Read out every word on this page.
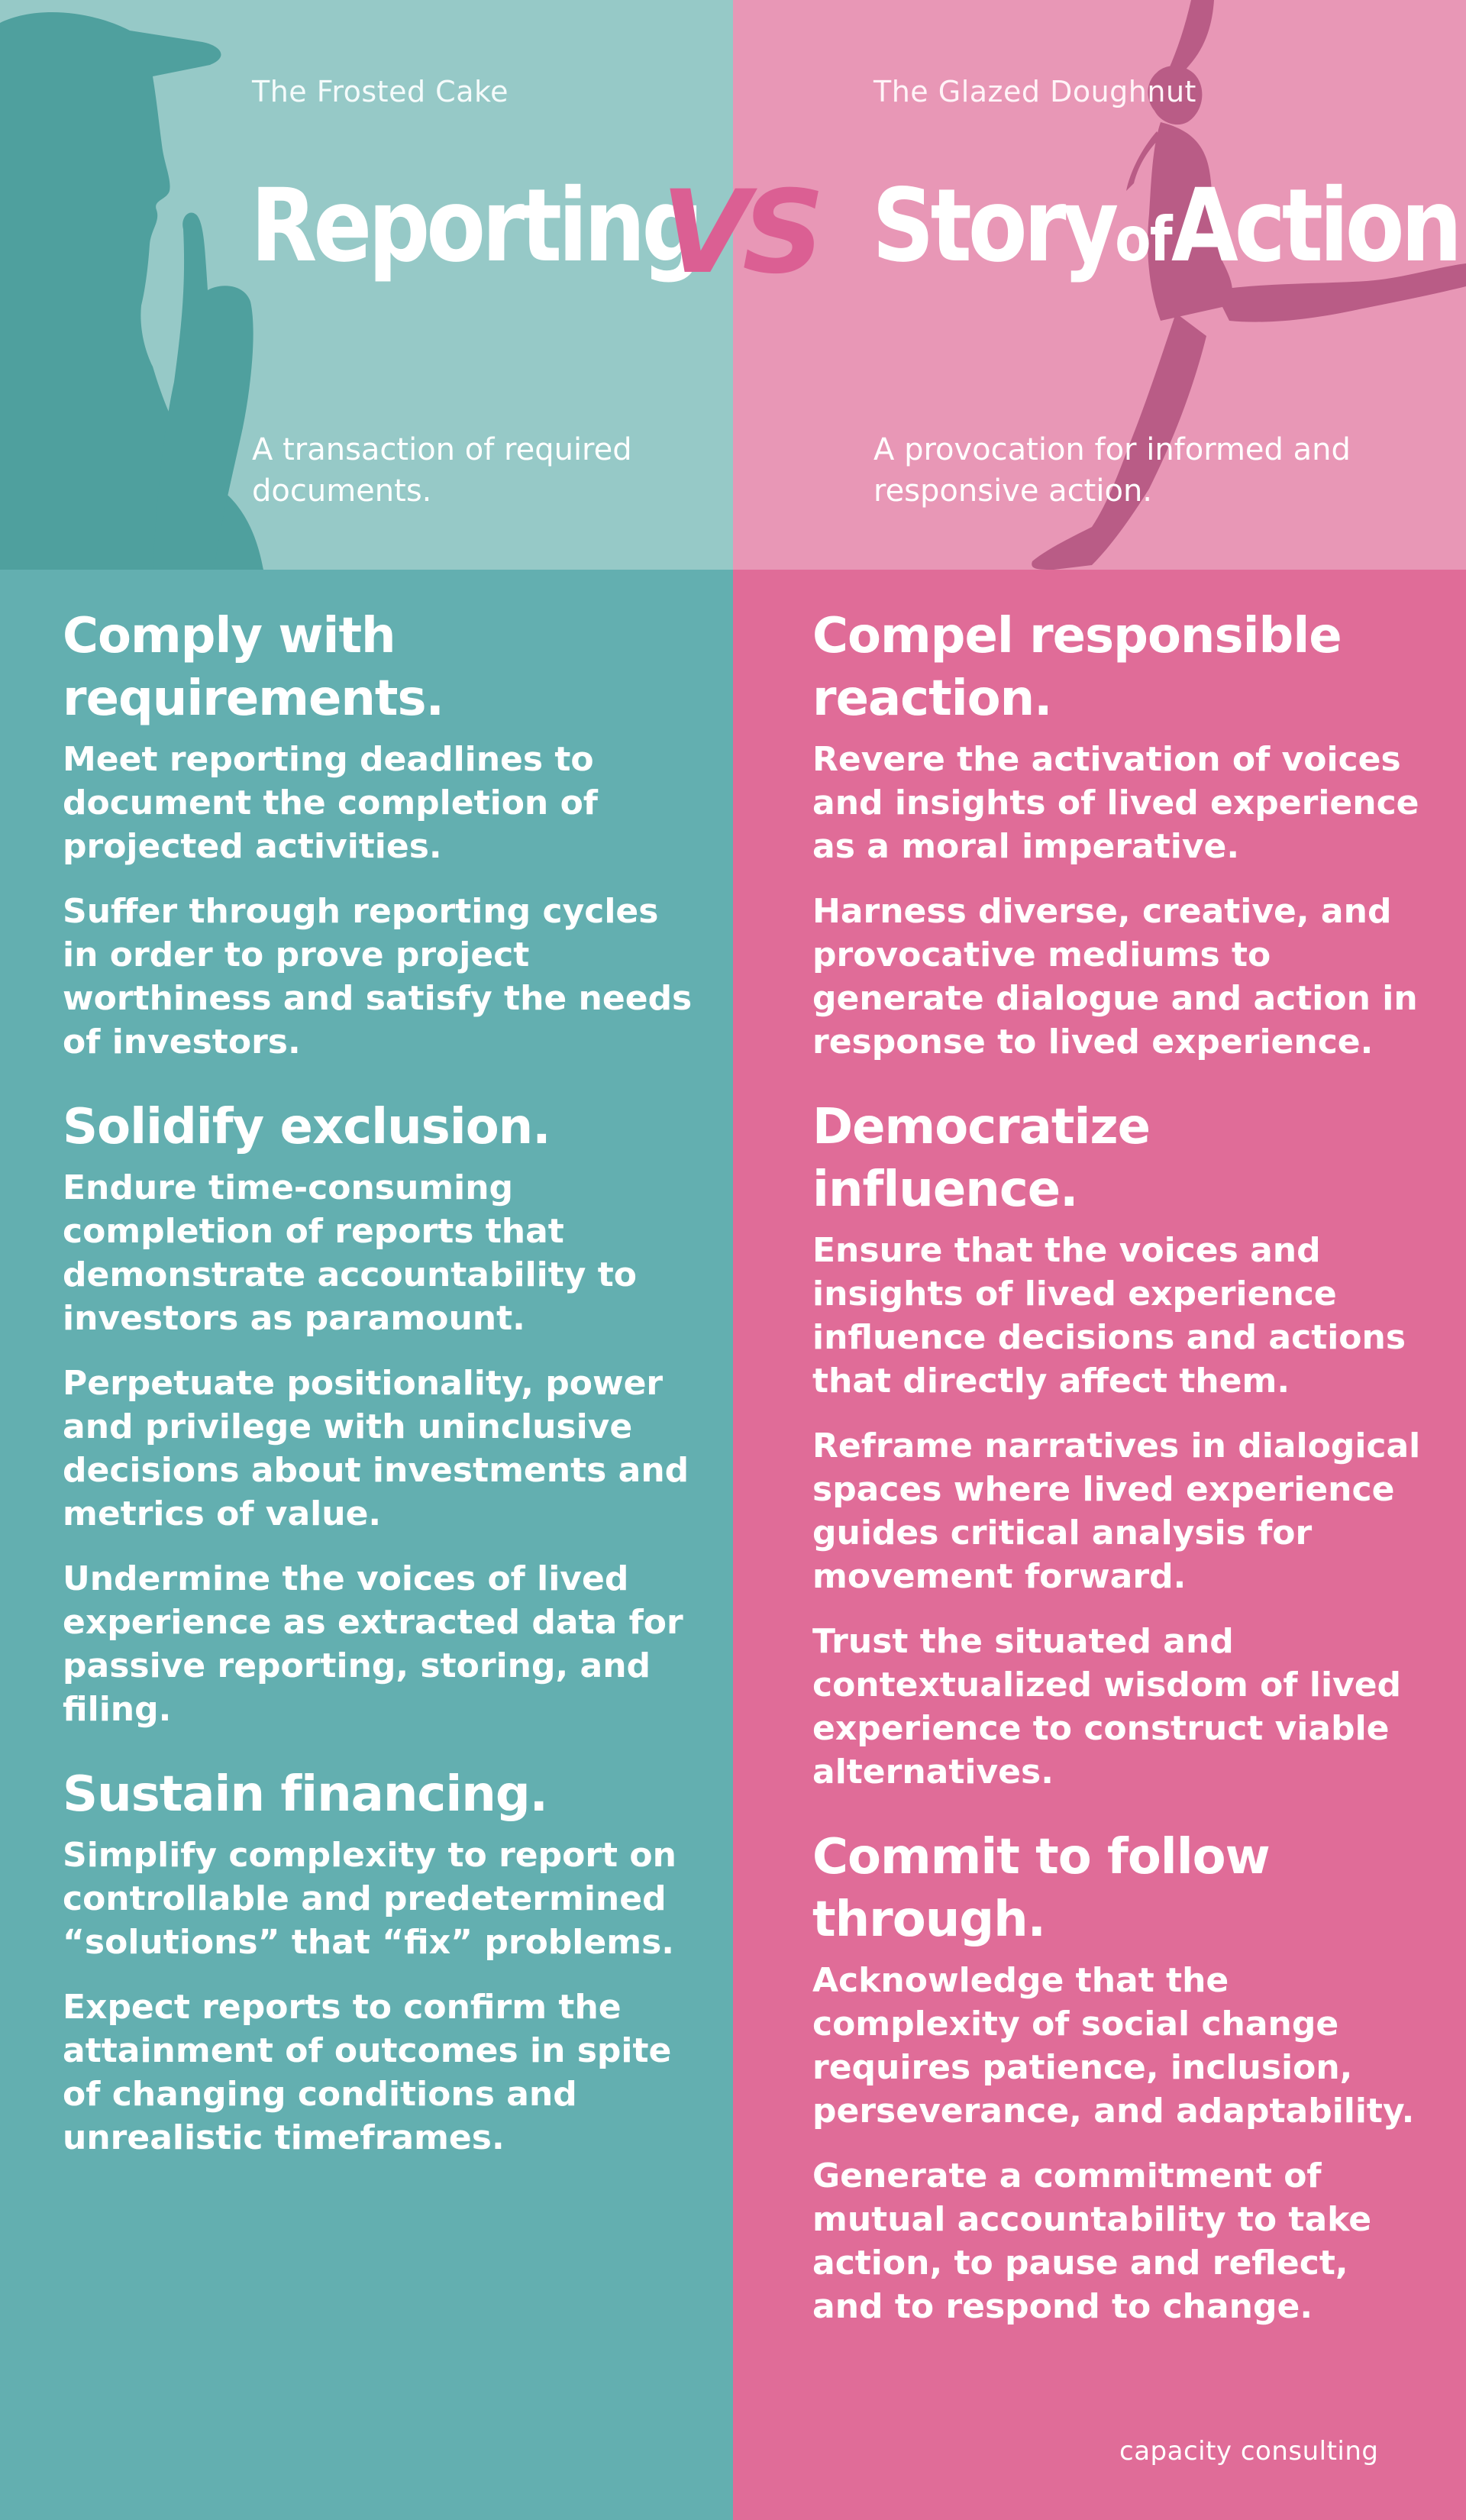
The Frosted Cake
Reporting
A transaction of required documents.
Comply with requirements.

Meet reporting deadlines to document the completion of projected activities.

Suffer through reporting cycles in order to prove project worthiness and satisfy the needs of investors.

Solidify exclusion.

Endure time-consuming completion of reports that demonstrate accountability to investors as paramount.

Perpetuate positionality, power and privilege with uninclusive decisions about investments and metrics of value.

Undermine the voices of lived experience as extracted data for passive reporting, storing, and filing.

Sustain financing.

Simplify complexity to report on controllable and predetermined “solutions” that “fix” problems.

Expect reports to confirm the attainment of outcomes in spite of changing conditions and unrealistic timeframes.

The Glazed Doughnut
StoryofAction
A provocation for informed and responsive action.
Compel responsible reaction.

Revere the activation of voices and insights of lived experience as a moral imperative.

Harness diverse, creative, and provocative mediums to generate dialogue and action in response to lived experience.

Democratize influence.

Ensure that the voices and insights of lived experience influence decisions and actions that directly affect them.

Reframe narratives in dialogical spaces where lived experience guides critical analysis for movement forward.

Trust the situated and contextualized wisdom of lived experience to construct viable alternatives.

Commit to follow through.

Acknowledge that the complexity of social change requires patience, inclusion, perseverance, and adaptability.

Generate a commitment of mutual accountability to take action, to pause and reflect, and to respond to change.

VS
capacity consulting
